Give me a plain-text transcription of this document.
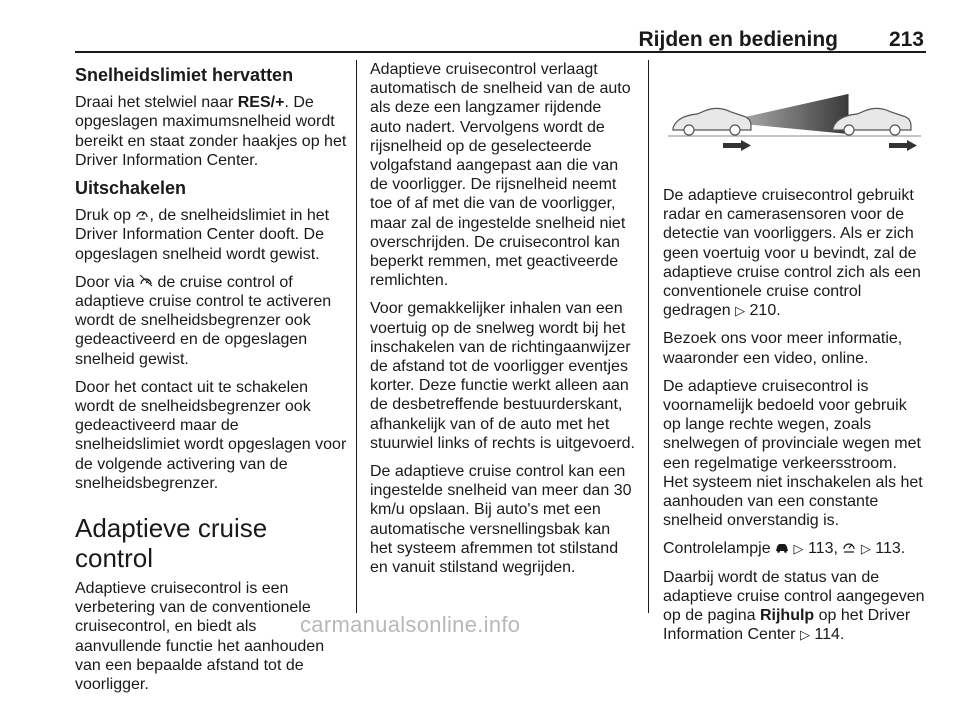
Rijden en bediening 213
Snelheidslimiet hervatten

Draai het stelwiel naar RES/+. De opgeslagen maximumsnelheid wordt bereikt en staat zonder haakjes op het Driver Information Center.

Uitschakelen

Druk op , de snelheidslimiet in het Driver Information Center dooft. De opgeslagen snelheid wordt gewist.

Door via  de cruise control of adaptieve cruise control te activeren wordt de snelheidsbegrenzer ook gedeactiveerd en de opgeslagen snelheid gewist.

Door het contact uit te schakelen wordt de snelheidsbegrenzer ook gedeactiveerd maar de snelheidslimiet wordt opgeslagen voor de volgende activering van de snelheidsbegrenzer.

Adaptieve cruise control

Adaptieve cruisecontrol is een verbetering van de conventionele cruisecontrol, en biedt als aanvullende functie het aanhouden van een bepaalde afstand tot de voorligger.

Adaptieve cruisecontrol verlaagt automatisch de snelheid van de auto als deze een langzamer rijdende auto nadert. Vervolgens wordt de rijsnelheid op de geselecteerde volgafstand aangepast aan die van de voorligger. De rijsnelheid neemt toe of af met die van de voorligger, maar zal de ingestelde snelheid niet overschrijden. De cruisecontrol kan beperkt remmen, met geactiveerde remlichten.

Voor gemakkelijker inhalen van een voertuig op de snelweg wordt bij het inschakelen van de richtingaanwijzer de afstand tot de voorligger eventjes korter. Deze functie werkt alleen aan de desbetreffende bestuurderskant, afhankelijk van of de auto met het stuurwiel links of rechts is uitgevoerd.

De adaptieve cruise control kan een ingestelde snelheid van meer dan 30 km/u opslaan. Bij auto's met een automatische versnellingsbak kan het systeem afremmen tot stilstand en vanuit stilstand wegrijden.

De adaptieve cruisecontrol gebruikt radar en camerasensoren voor de detectie van voorliggers. Als er zich geen voertuig voor u bevindt, zal de adaptieve cruise control zich als een conventionele cruise control gedragen ▷ 210.

Bezoek ons voor meer informatie, waaronder een video, online.

De adaptieve cruisecontrol is voornamelijk bedoeld voor gebruik op lange rechte wegen, zoals snelwegen of provinciale wegen met een regelmatige verkeersstroom. Het systeem niet inschakelen als het aanhouden van een constante snelheid onverstandig is.

Controlelampje  ▷ 113, ▷ 113.

Daarbij wordt de status van de adaptieve cruise control aangegeven op de pagina Rijhulp op het Driver Information Center ▷ 114.

carmanualsonline.info
